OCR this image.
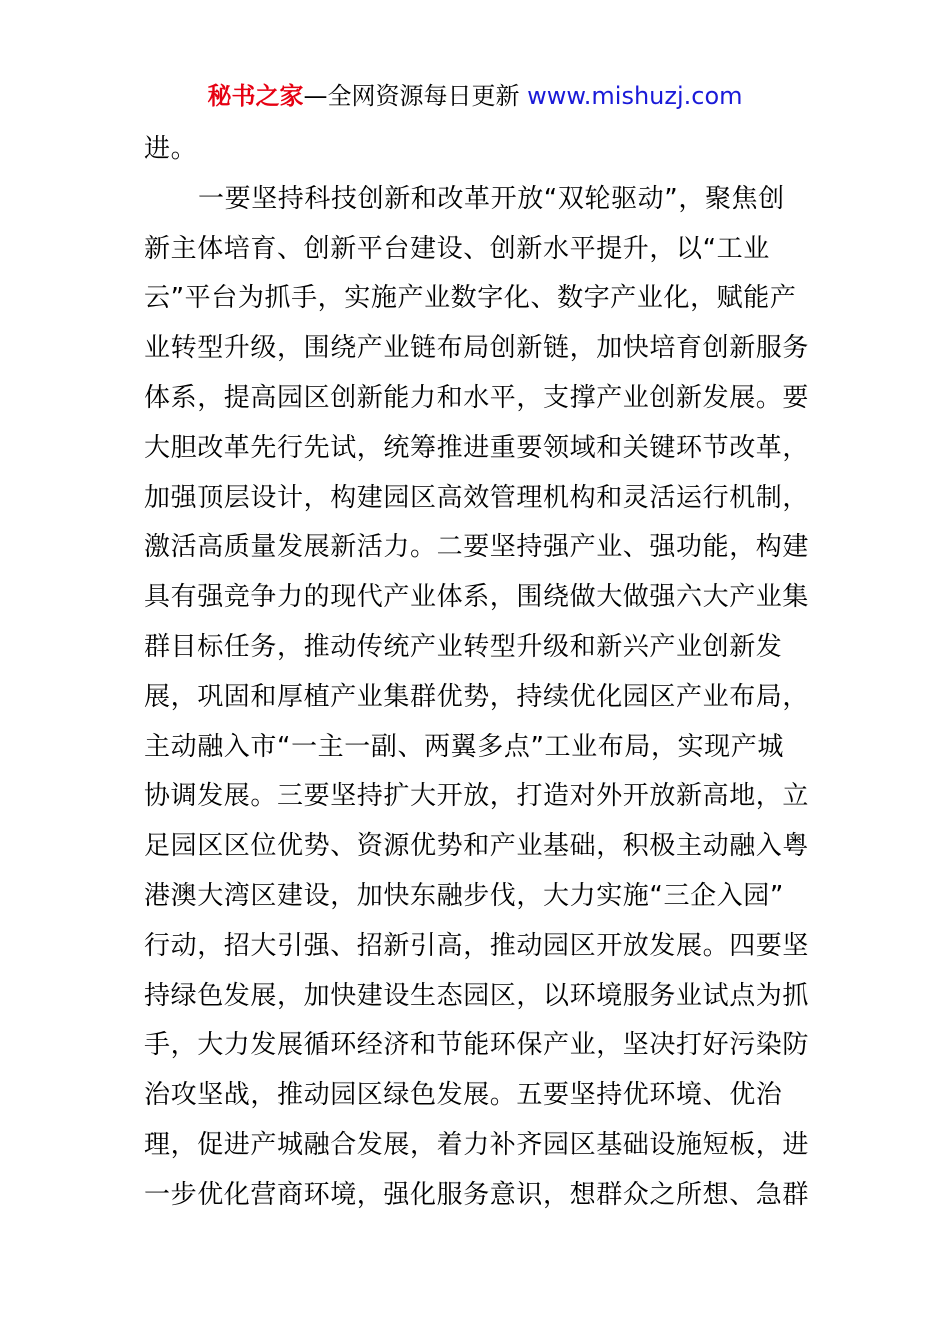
秘书之家—全网资源每日更新 www.mishuzj.com
进。
一要坚持科技创新和改革开放“双轮驱动”，聚焦创
新主体培育、创新平台建设、创新水平提升，以“工业
云”平台为抓手，实施产业数字化、数字产业化，赋能产
业转型升级，围绕产业链布局创新链，加快培育创新服务
体系，提高园区创新能力和水平，支撑产业创新发展。要
大胆改革先行先试，统筹推进重要领域和关键环节改革，
加强顶层设计，构建园区高效管理机构和灵活运行机制，
激活高质量发展新活力。二要坚持强产业、强功能，构建
具有强竞争力的现代产业体系，围绕做大做强六大产业集
群目标任务，推动传统产业转型升级和新兴产业创新发
展，巩固和厚植产业集群优势，持续优化园区产业布局，
主动融入市“一主一副、两翼多点”工业布局，实现产城
协调发展。三要坚持扩大开放，打造对外开放新高地，立
足园区区位优势、资源优势和产业基础，积极主动融入粤
港澳大湾区建设，加快东融步伐，大力实施“三企入园”
行动，招大引强、招新引高，推动园区开放发展。四要坚
持绿色发展，加快建设生态园区，以环境服务业试点为抓
手，大力发展循环经济和节能环保产业，坚决打好污染防
治攻坚战，推动园区绿色发展。五要坚持优环境、优治
理，促进产城融合发展，着力补齐园区基础设施短板，进
一步优化营商环境，强化服务意识，想群众之所想、急群
